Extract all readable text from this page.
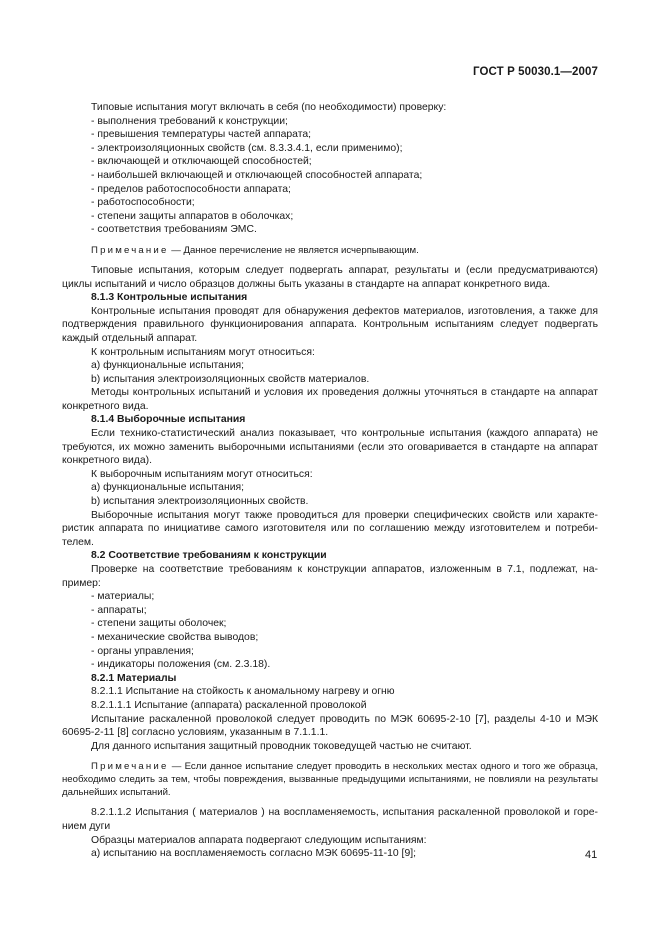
ГОСТ Р 50030.1—2007

Типовые испытания могут включать в себя (по необходимости) проверку:

- выполнения требований к конструкции;

- превышения температуры частей аппарата;

- электроизоляционных свойств (см. 8.3.3.4.1, если применимо);

- включающей и отключающей способностей;

- наибольшей включающей и отключающей способностей аппарата;

- пределов работоспособности аппарата;

- работоспособности;

- степени защиты аппаратов в оболочках;

- соответствия требованиям ЭМС.

Примечание — Данное перечисление не является исчерпывающим.

Типовые испытания, которым следует подвергать аппарат, результаты и (если предусматриваются) циклы испытаний и число образцов должны быть указаны в стандарте на аппарат конкретного вида.

8.1.3 Контрольные испытания

Контрольные испытания проводят для обнаружения дефектов материалов, изготовления, а также для подтверждения правильного функционирования аппарата. Контрольным испытаниям следует подвергать каждый отдельный аппарат.

К контрольным испытаниям могут относиться:

а) функциональные испытания;

b) испытания электроизоляционных свойств материалов.

Методы контрольных испытаний и условия их проведения должны уточняться в стандарте на аппарат конкретного вида.

8.1.4 Выборочные испытания

Если технико-статистический анализ показывает, что контрольные испытания (каждого аппарата) не требуются, их можно заменить выборочными испытаниями (если это оговаривается в стандарте на аппарат конкретного вида).

К выборочным испытаниям могут относиться:

а) функциональные испытания;

b) испытания электроизоляционных свойств.

Выборочные испытания могут также проводиться для проверки специфических свойств или характеристик аппарата по инициативе самого изготовителя или по соглашению между изготовителем и потребителем.

8.2 Соответствие требованиям к конструкции

Проверке на соответствие требованиям к конструкции аппаратов, изложенным в 7.1, подлежат, например:

- материалы;

- аппараты;

- степени защиты оболочек;

- механические свойства выводов;

- органы управления;

- индикаторы положения (см. 2.3.18).

8.2.1 Материалы

8.2.1.1 Испытание на стойкость к аномальному нагреву и огню

8.2.1.1.1 Испытание (аппарата) раскаленной проволокой

Испытание раскаленной проволокой следует проводить по МЭК 60695-2-10 [7], разделы 4-10 и МЭК 60695-2-11 [8] согласно условиям, указанным в 7.1.1.1.

Для данного испытания защитный проводник токоведущей частью не считают.

Примечание — Если данное испытание следует проводить в нескольких местах одного и того же образца, необходимо следить за тем, чтобы повреждения, вызванные предыдущими испытаниями, не повлияли на результаты дальнейших испытаний.

8.2.1.1.2 Испытания ( материалов ) на воспламеняемость, испытания раскаленной проволокой и горением дуги

Образцы материалов аппарата подвергают следующим испытаниям:

а) испытанию на воспламеняемость согласно МЭК 60695-11-10 [9];	41
